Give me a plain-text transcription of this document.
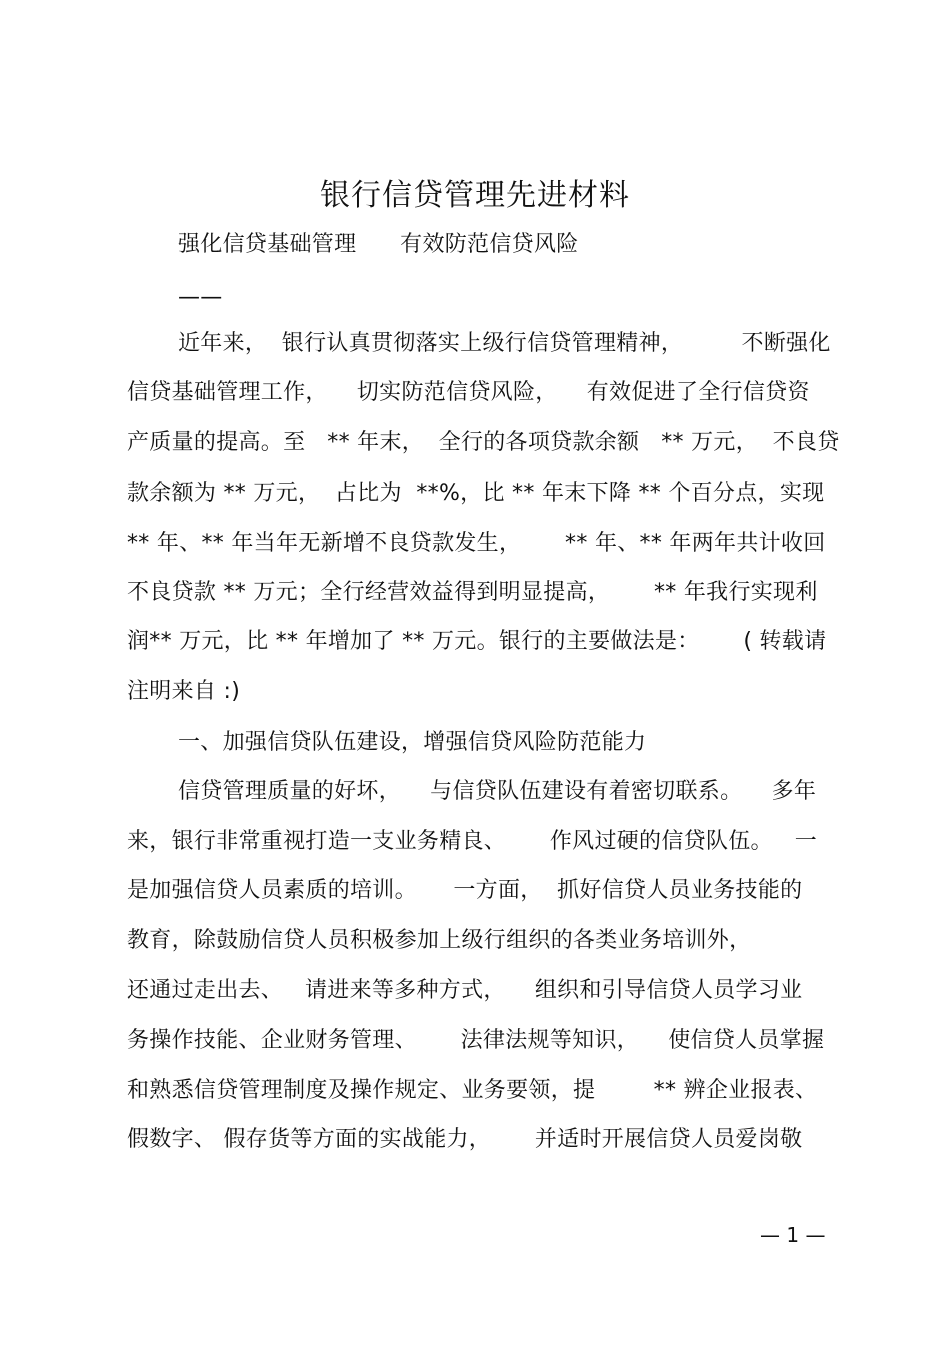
银行信贷管理先进材料
强化信贷基础管理      有效防范信贷风险
——
近年来，  银行认真贯彻落实上级行信贷管理精神，        不断强化
信贷基础管理工作，    切实防范信贷风险，    有效促进了全行信贷资
产质量的提高。至   ** 年末，  全行的各项贷款余额   ** 万元，  不良贷
款余额为 ** 万元，  占比为  **%，比 ** 年末下降 ** 个百分点，实现
** 年、** 年当年无新增不良贷款发生，      ** 年、** 年两年共计收回
不良贷款 ** 万元；全行经营效益得到明显提高，      ** 年我行实现利
润** 万元，比 ** 年增加了 ** 万元。银行的主要做法是：      ( 转载请
注明来自 :)
一、加强信贷队伍建设，增强信贷风险防范能力
信贷管理质量的好坏，    与信贷队伍建设有着密切联系。    多年
来，银行非常重视打造一支业务精良、      作风过硬的信贷队伍。   一
是加强信贷人员素质的培训。     一方面，  抓好信贷人员业务技能的
教育，除鼓励信贷人员积极参加上级行组织的各类业务培训外，
还通过走出去、   请进来等多种方式，    组织和引导信贷人员学习业
务操作技能、企业财务管理、      法律法规等知识，    使信贷人员掌握
和熟悉信贷管理制度及操作规定、业务要领，提        ** 辨企业报表、
假数字、 假存货等方面的实战能力，      并适时开展信贷人员爱岗敬
— 1 —
